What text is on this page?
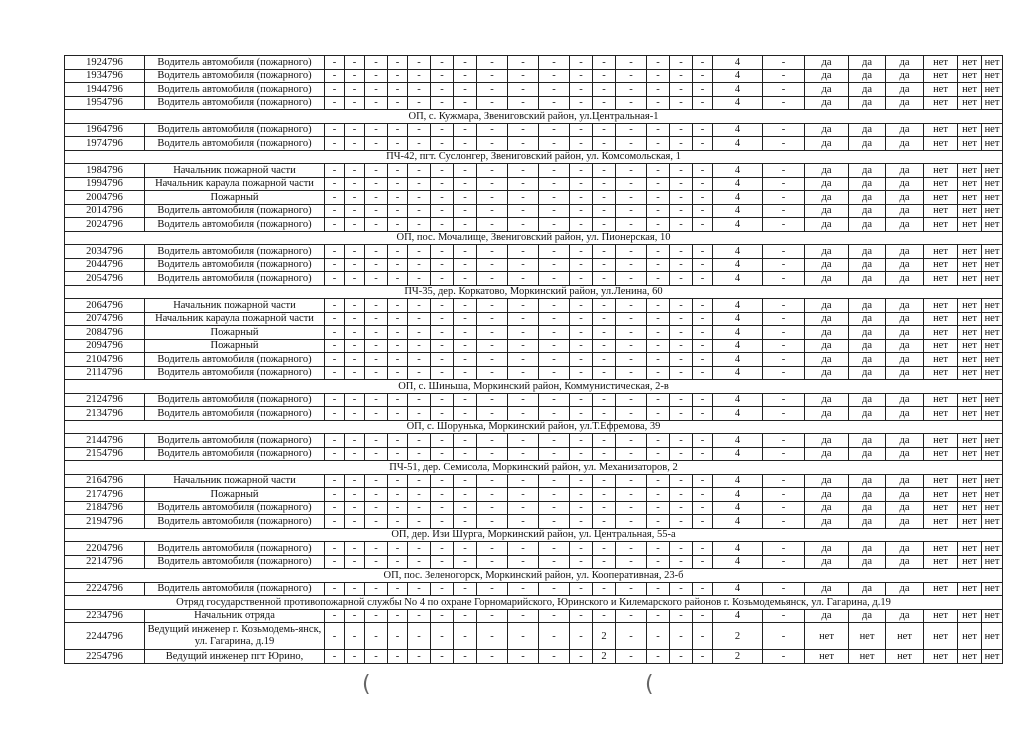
1924796	Водитель автомобиля (пожарного)	-	-	-	-	-	-	-	-	-	-	-	-	-	-	-	-	4	-	да	да	да	нет	нет	нет
1934796	Водитель автомобиля (пожарного)	-	-	-	-	-	-	-	-	-	-	-	-	-	-	-	-	4	-	да	да	да	нет	нет	нет
1944796	Водитель автомобиля (пожарного)	-	-	-	-	-	-	-	-	-	-	-	-	-	-	-	-	4	-	да	да	да	нет	нет	нет
1954796	Водитель автомобиля (пожарного)	-	-	-	-	-	-	-	-	-	-	-	-	-	-	-	-	4	-	да	да	да	нет	нет	нет
ОП, с. Кужмара, Звениговский район, ул.Центральная-1																									
1964796	Водитель автомобиля (пожарного)	-	-	-	-	-	-	-	-	-	-	-	-	-	-	-	-	4	-	да	да	да	нет	нет	нет
1974796	Водитель автомобиля (пожарного)	-	-	-	-	-	-	-	-	-	-	-	-	-	-	-	-	4	-	да	да	да	нет	нет	нет
ПЧ-42, пгт. Суслонгер, Звениговский район, ул. Комсомольская, 1																									
1984796	Начальник пожарной части	-	-	-	-	-	-	-	-	-	-	-	-	-	-	-	-	4	-	да	да	да	нет	нет	нет
1994796	Начальник караула пожарной части	-	-	-	-	-	-	-	-	-	-	-	-	-	-	-	-	4	-	да	да	да	нет	нет	нет
2004796	Пожарный	-	-	-	-	-	-	-	-	-	-	-	-	-	-	-	-	4	-	да	да	да	нет	нет	нет
2014796	Водитель автомобиля (пожарного)	-	-	-	-	-	-	-	-	-	-	-	-	-	-	-	-	4	-	да	да	да	нет	нет	нет
2024796	Водитель автомобиля (пожарного)	-	-	-	-	-	-	-	-	-	-	-	-	-	-	-	-	4	-	да	да	да	нет	нет	нет
ОП, пос. Мочалище, Звениговский район, ул. Пионерская, 10																									
2034796	Водитель автомобиля (пожарного)	-	-	-	-	-	-	-	-	-	-	-	-	-	-	-	-	4	-	да	да	да	нет	нет	нет
2044796	Водитель автомобиля (пожарного)	-	-	-	-	-	-	-	-	-	-	-	-	-	-	-	-	4	-	да	да	да	нет	нет	нет
2054796	Водитель автомобиля (пожарного)	-	-	-	-	-	-	-	-	-	-	-	-	-	-	-	-	4	-	да	да	да	нет	нет	нет
ПЧ-35, дер. Коркатово, Моркинский район, ул.Ленина, 60																									
2064796	Начальник пожарной части	-	-	-	-	-	-	-	-	-	-	-	-	-	-	-	-	4	-	да	да	да	нет	нет	нет
2074796	Начальник караула пожарной части	-	-	-	-	-	-	-	-	-	-	-	-	-	-	-	-	4	-	да	да	да	нет	нет	нет
2084796	Пожарный	-	-	-	-	-	-	-	-	-	-	-	-	-	-	-	-	4	-	да	да	да	нет	нет	нет
2094796	Пожарный	-	-	-	-	-	-	-	-	-	-	-	-	-	-	-	-	4	-	да	да	да	нет	нет	нет
2104796	Водитель автомобиля (пожарного)	-	-	-	-	-	-	-	-	-	-	-	-	-	-	-	-	4	-	да	да	да	нет	нет	нет
2114796	Водитель автомобиля (пожарного)	-	-	-	-	-	-	-	-	-	-	-	-	-	-	-	-	4	-	да	да	да	нет	нет	нет
ОП, с. Шиньша, Моркинский район, Коммунистическая, 2-в																									
2124796	Водитель автомобиля (пожарного)	-	-	-	-	-	-	-	-	-	-	-	-	-	-	-	-	4	-	да	да	да	нет	нет	нет
2134796	Водитель автомобиля (пожарного)	-	-	-	-	-	-	-	-	-	-	-	-	-	-	-	-	4	-	да	да	да	нет	нет	нет
ОП, с. Шорунька, Моркинский район, ул.Т.Ефремова, 39																									
2144796	Водитель автомобиля (пожарного)	-	-	-	-	-	-	-	-	-	-	-	-	-	-	-	-	4	-	да	да	да	нет	нет	нет
2154796	Водитель автомобиля (пожарного)	-	-	-	-	-	-	-	-	-	-	-	-	-	-	-	-	4	-	да	да	да	нет	нет	нет
ПЧ-51, дер. Семисола, Моркинский район, ул. Механизаторов, 2																									
2164796	Начальник пожарной части	-	-	-	-	-	-	-	-	-	-	-	-	-	-	-	-	4	-	да	да	да	нет	нет	нет
2174796	Пожарный	-	-	-	-	-	-	-	-	-	-	-	-	-	-	-	-	4	-	да	да	да	нет	нет	нет
2184796	Водитель автомобиля (пожарного)	-	-	-	-	-	-	-	-	-	-	-	-	-	-	-	-	4	-	да	да	да	нет	нет	нет
2194796	Водитель автомобиля (пожарного)	-	-	-	-	-	-	-	-	-	-	-	-	-	-	-	-	4	-	да	да	да	нет	нет	нет
ОП, дер. Изи Шурга, Моркинский район, ул. Центральная, 55-а																									
2204796	Водитель автомобиля (пожарного)	-	-	-	-	-	-	-	-	-	-	-	-	-	-	-	-	4	-	да	да	да	нет	нет	нет
2214796	Водитель автомобиля (пожарного)	-	-	-	-	-	-	-	-	-	-	-	-	-	-	-	-	4	-	да	да	да	нет	нет	нет
ОП, пос. Зеленогорск, Моркинский район, ул. Кооперативная, 23-б																									
2224796	Водитель автомобиля (пожарного)	-	-	-	-	-	-	-	-	-	-	-	-	-	-	-	-	4	-	да	да	да	нет	нет	нет
Отряд государственной противопожарной службы No 4 по охране Горномарийского, Юринского и Килемарского районов г. Козьмодемьянск, ул. Гагарина, д.19																									
2234796	Начальник отряда	-	-	-	-	-	-	-	-	-	-	-	-	-	-	-	-	4	-	да	да	да	нет	нет	нет
2244796	Ведущий инженер г. Козьмодемь-янск, ул. Гагарина, д.19	-	-	-	-	-	-	-	-	-	-	-	2	-	-	-	-	2	-	нет	нет	нет	нет	нет	нет
2254796	Ведущий инженер пгт Юрино,	-	-	-	-	-	-	-	-	-	-	-	2	-	-	-	-	2	-	нет	нет	нет	нет	нет	нет
(	(
